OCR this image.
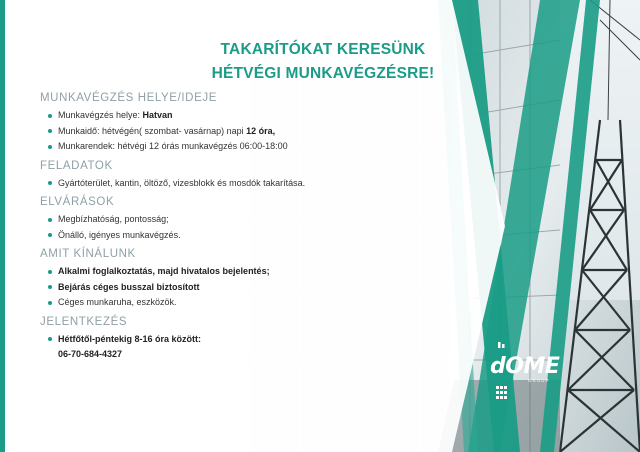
TAKARÍTÓKAT KERESÜNK
HÉTVÉGI MUNKAVÉGZÉSRE!
MUNKAVÉGZÉS HELYE/IDEJE
Munkavégzés helye: Hatvan
Munkaidő: hétvégén( szombat- vasárnap) napi 12 óra,
Munkarendek: hétvégi 12 órás munkavégzés 06:00-18:00
FELADATOK
Gyártóterület, kantin, öltöző, vizesblokk és mosdók takarítása.
ELVÁRÁSOK
Megbízhatóság, pontosság;
Önálló, igényes munkavégzés.
AMIT KÍNÁLUNK
Alkalmi foglalkoztatás, majd hivatalos bejelentés;
Bejárás céges busszal biztosított
Céges munkaruha, eszközök.
JELENTKEZÉS
Hétfőtől-péntekig 8-16 óra között:
06-70-684-4327	dOME
GROUP
